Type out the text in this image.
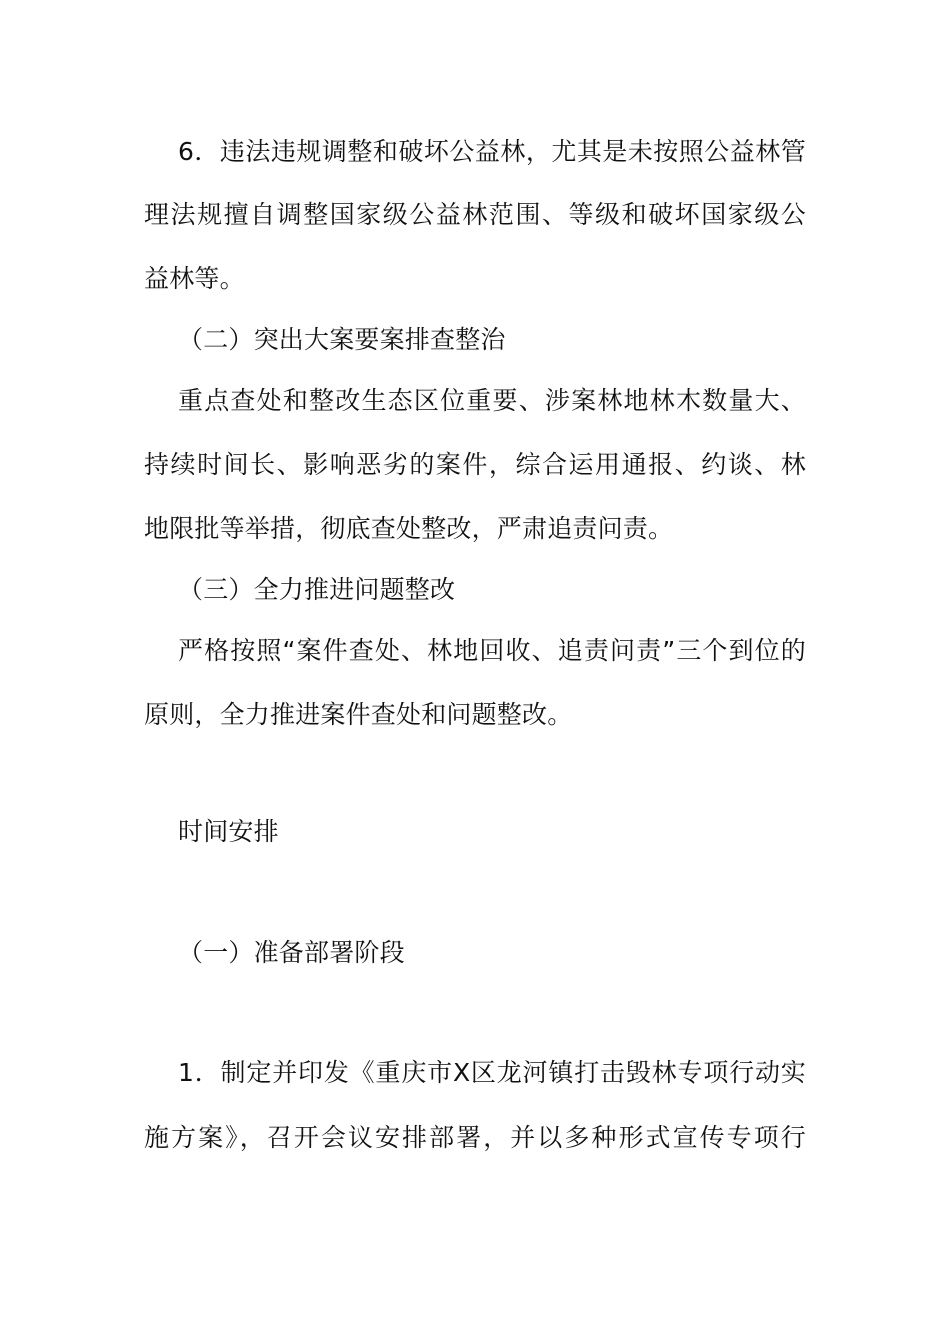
6．违法违规调整和破坏公益林，尤其是未按照公益林管
理法规擅自调整国家级公益林范围、等级和破坏国家级公
益林等。
（二）突出大案要案排查整治
重点查处和整改生态区位重要、涉案林地林木数量大、
持续时间长、影响恶劣的案件，综合运用通报、约谈、林
地限批等举措，彻底查处整改，严肃追责问责。
（三）全力推进问题整改
严格按照“案件查处、林地回收、追责问责”三个到位的
原则，全力推进案件查处和问题整改。
时间安排
（一）准备部署阶段
1．制定并印发《重庆市X区龙河镇打击毁林专项行动实
施方案》，召开会议安排部署，并以多种形式宣传专项行
